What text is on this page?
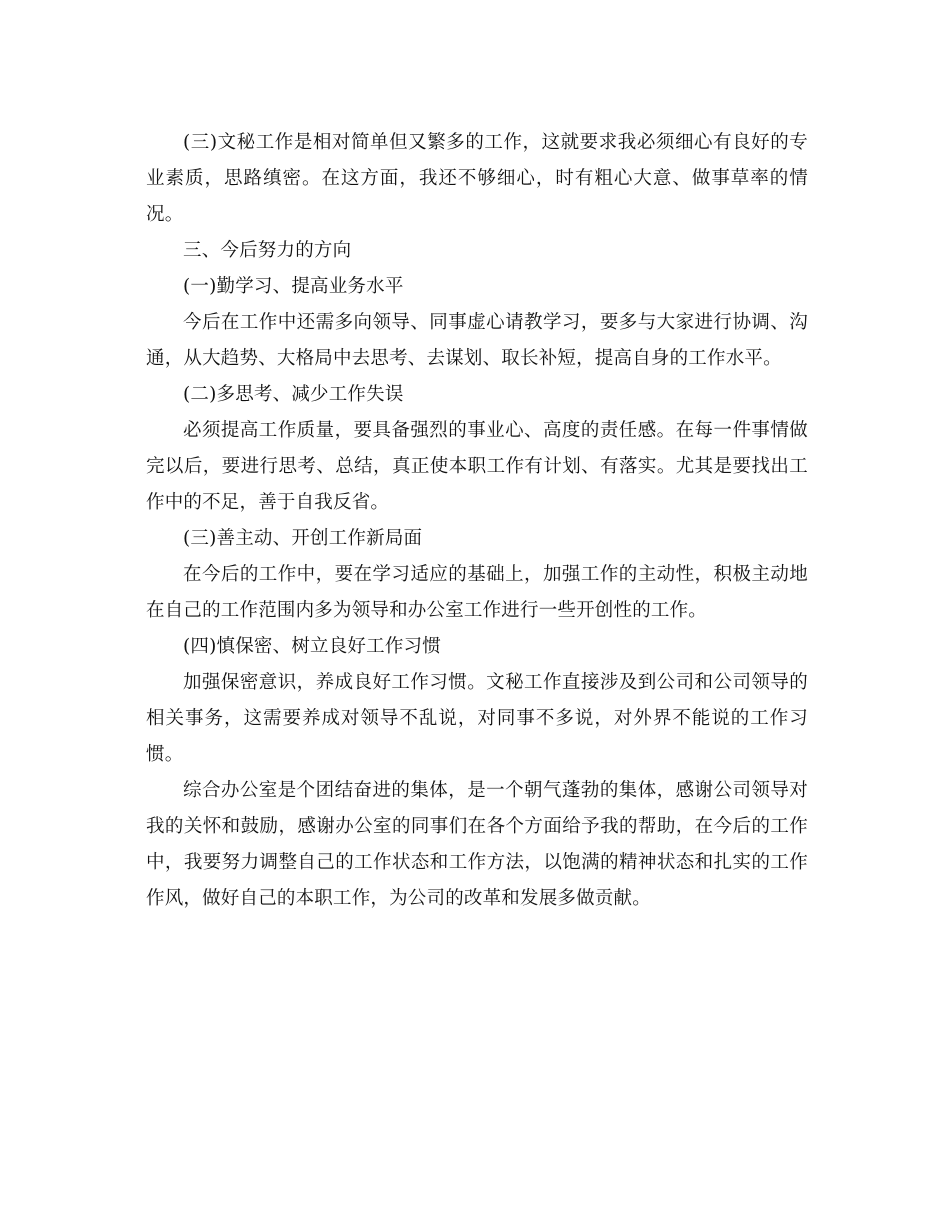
(三)文秘工作是相对简单但又繁多的工作，这就要求我必须细心有良好的专业素质，思路缜密。在这方面，我还不够细心，时有粗心大意、做事草率的情况。

三、今后努力的方向

(一)勤学习、提高业务水平

今后在工作中还需多向领导、同事虚心请教学习，要多与大家进行协调、沟通，从大趋势、大格局中去思考、去谋划、取长补短，提高自身的工作水平。

(二)多思考、减少工作失误

必须提高工作质量，要具备强烈的事业心、高度的责任感。在每一件事情做完以后，要进行思考、总结，真正使本职工作有计划、有落实。尤其是要找出工作中的不足，善于自我反省。

(三)善主动、开创工作新局面

在今后的工作中，要在学习适应的基础上，加强工作的主动性，积极主动地在自己的工作范围内多为领导和办公室工作进行一些开创性的工作。

(四)慎保密、树立良好工作习惯

加强保密意识，养成良好工作习惯。文秘工作直接涉及到公司和公司领导的相关事务，这需要养成对领导不乱说，对同事不多说，对外界不能说的工作习惯。

综合办公室是个团结奋进的集体，是一个朝气蓬勃的集体，感谢公司领导对我的关怀和鼓励，感谢办公室的同事们在各个方面给予我的帮助，在今后的工作中，我要努力调整自己的工作状态和工作方法，以饱满的精神状态和扎实的工作作风，做好自己的本职工作，为公司的改革和发展多做贡献。
